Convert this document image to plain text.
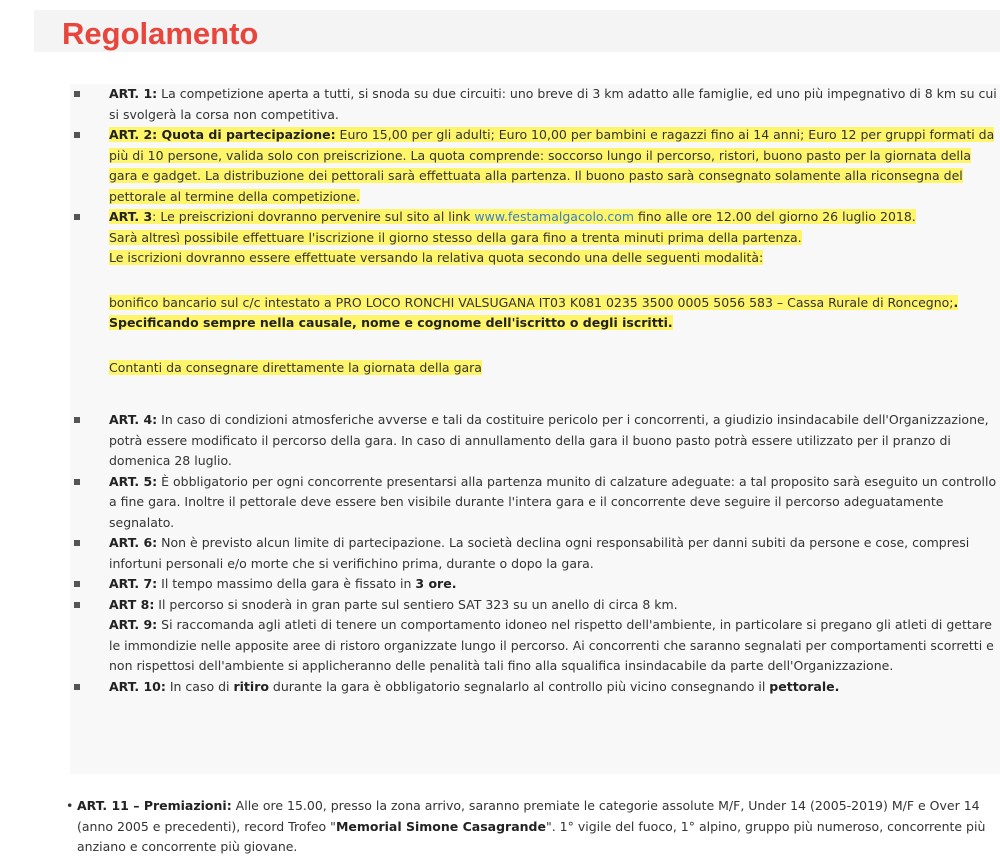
Regolamento
ART. 1: La competizione aperta a tutti, si snoda su due circuiti: uno breve di 3 km adatto alle famiglie, ed uno più impegnativo di 8 km su cui si svolgerà la corsa non competitiva.
ART. 2: Quota di partecipazione: Euro 15,00 per gli adulti; Euro 10,00 per bambini e ragazzi fino ai 14 anni; Euro 12 per gruppi formati da più di 10 persone, valida solo con preiscrizione. La quota comprende: soccorso lungo il percorso, ristori, buono pasto per la giornata della gara e gadget. La distribuzione dei pettorali sarà effettuata alla partenza. Il buono pasto sarà consegnato solamente alla riconsegna del pettorale al termine della competizione.
ART. 3: Le preiscrizioni dovranno pervenire sul sito al link www.festamalgacolo.com fino alle ore 12.00 del giorno 26 luglio 2018.
Sarà altresì possibile effettuare l'iscrizione il giorno stesso della gara fino a trenta minuti prima della partenza.
Le iscrizioni dovranno essere effettuate versando la relativa quota secondo una delle seguenti modalità:
bonifico bancario sul c/c intestato a PRO LOCO RONCHI VALSUGANA IT03 K081 0235 3500 0005 5056 583 – Cassa Rurale di Roncegno;. Specificando sempre nella causale, nome e cognome dell'iscritto o degli iscritti.
Contanti da consegnare direttamente la giornata della gara
ART. 4: In caso di condizioni atmosferiche avverse e tali da costituire pericolo per i concorrenti, a giudizio insindacabile dell'Organizzazione, potrà essere modificato il percorso della gara. In caso di annullamento della gara il buono pasto potrà essere utilizzato per il pranzo di domenica 28 luglio.
ART. 5: È obbligatorio per ogni concorrente presentarsi alla partenza munito di calzature adeguate: a tal proposito sarà eseguito un controllo a fine gara. Inoltre il pettorale deve essere ben visibile durante l'intera gara e il concorrente deve seguire il percorso adeguatamente segnalato.
ART. 6: Non è previsto alcun limite di partecipazione. La società declina ogni responsabilità per danni subiti da persone e cose, compresi infortuni personali e/o morte che si verifichino prima, durante o dopo la gara.
ART. 7: Il tempo massimo della gara è fissato in 3 ore.
ART 8: Il percorso si snoderà in gran parte sul sentiero SAT 323 su un anello di circa 8 km.
ART. 9: Si raccomanda agli atleti di tenere un comportamento idoneo nel rispetto dell'ambiente, in particolare si pregano gli atleti di gettare le immondizie nelle apposite aree di ristoro organizzate lungo il percorso. Ai concorrenti che saranno segnalati per comportamenti scorretti e non rispettosi dell'ambiente si applicheranno delle penalità tali fino alla squalifica insindacabile da parte dell'Organizzazione.
ART. 10: In caso di ritiro durante la gara è obbligatorio segnalarlo al controllo più vicino consegnando il pettorale.
• ART. 11 – Premiazioni: Alle ore 15.00, presso la zona arrivo, saranno premiate le categorie assolute M/F, Under 14 (2005-2019) M/F e Over 14 (anno 2005 e precedenti), record Trofeo "Memorial Simone Casagrande". 1° vigile del fuoco, 1° alpino, gruppo più numeroso, concorrente più anziano e concorrente più giovane.
